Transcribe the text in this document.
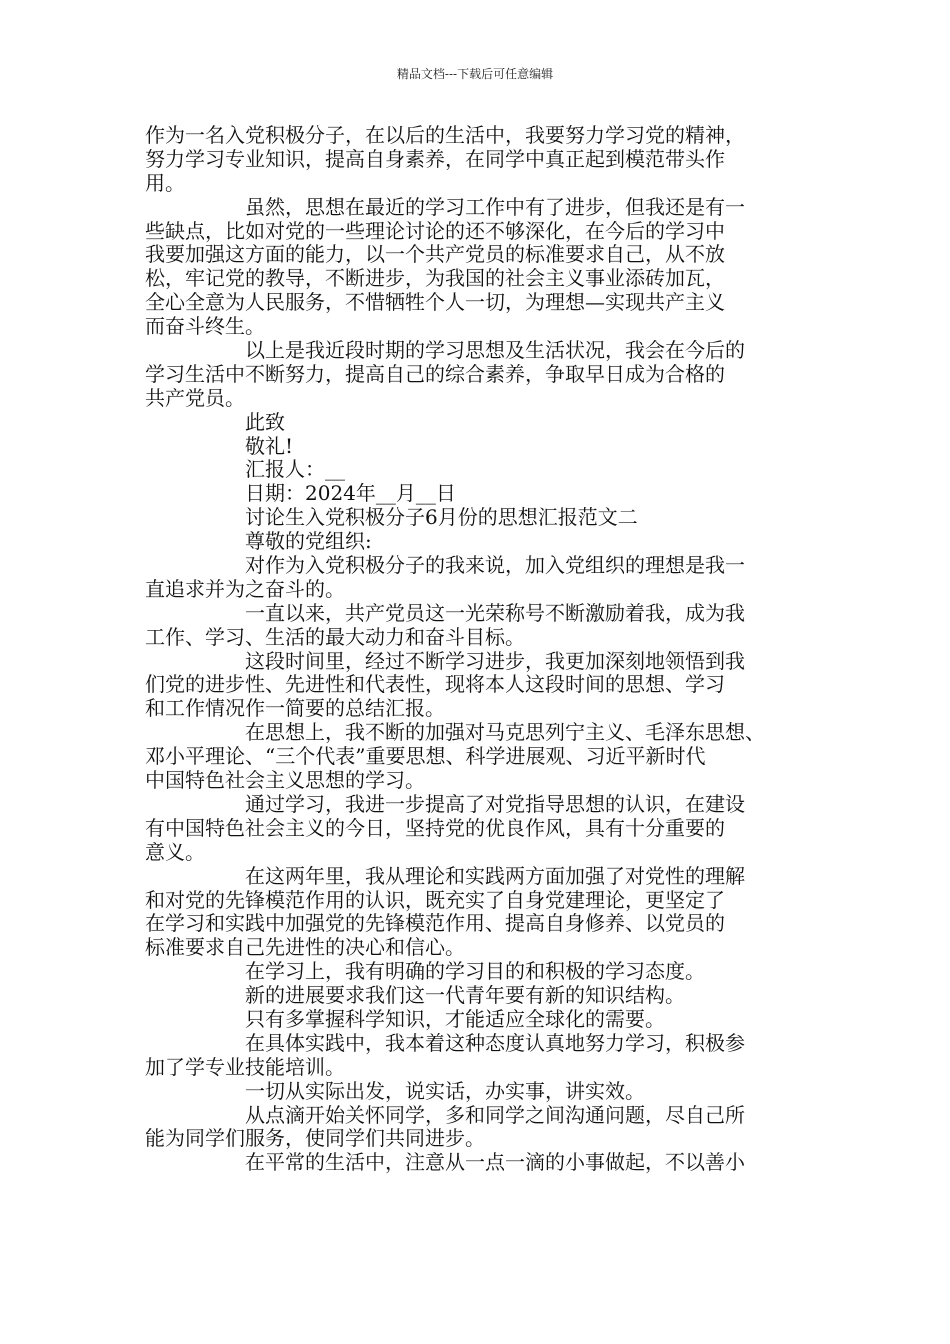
精品文档---下载后可任意编辑
作为一名入党积极分子，在以后的生活中，我要努力学习党的精神，
努力学习专业知识，提高自身素养，在同学中真正起到模范带头作
用。
虽然，思想在最近的学习工作中有了进步，但我还是有一
些缺点，比如对党的一些理论讨论的还不够深化，在今后的学习中
我要加强这方面的能力，以一个共产党员的标准要求自己，从不放
松，牢记党的教导，不断进步，为我国的社会主义事业添砖加瓦，
全心全意为人民服务，不惜牺牲个人一切，为理想—实现共产主义
而奋斗终生。
以上是我近段时期的学习思想及生活状况，我会在今后的
学习生活中不断努力，提高自己的综合素养，争取早日成为合格的
共产党员。
此致
敬礼!
汇报人：__
日期：2024年__月__日
讨论生入党积极分子6月份的思想汇报范文二
尊敬的党组织:
对作为入党积极分子的我来说，加入党组织的理想是我一
直追求并为之奋斗的。
一直以来，共产党员这一光荣称号不断激励着我，成为我
工作、学习、生活的最大动力和奋斗目标。
这段时间里，经过不断学习进步，我更加深刻地领悟到我
们党的进步性、先进性和代表性，现将本人这段时间的思想、学习
和工作情况作一简要的总结汇报。
在思想上，我不断的加强对马克思列宁主义、毛泽东思想、
邓小平理论、“三个代表”重要思想、科学进展观、习近平新时代
中国特色社会主义思想的学习。
通过学习，我进一步提高了对党指导思想的认识，在建设
有中国特色社会主义的今日，坚持党的优良作风，具有十分重要的
意义。
在这两年里，我从理论和实践两方面加强了对党性的理解
和对党的先锋模范作用的认识，既充实了自身党建理论，更坚定了
在学习和实践中加强党的先锋模范作用、提高自身修养、以党员的
标准要求自己先进性的决心和信心。
在学习上，我有明确的学习目的和积极的学习态度。
新的进展要求我们这一代青年要有新的知识结构。
只有多掌握科学知识，才能适应全球化的需要。
在具体实践中，我本着这种态度认真地努力学习，积极参
加了学专业技能培训。
一切从实际出发，说实话，办实事，讲实效。
从点滴开始关怀同学，多和同学之间沟通问题，尽自己所
能为同学们服务，使同学们共同进步。
在平常的生活中，注意从一点一滴的小事做起，不以善小
